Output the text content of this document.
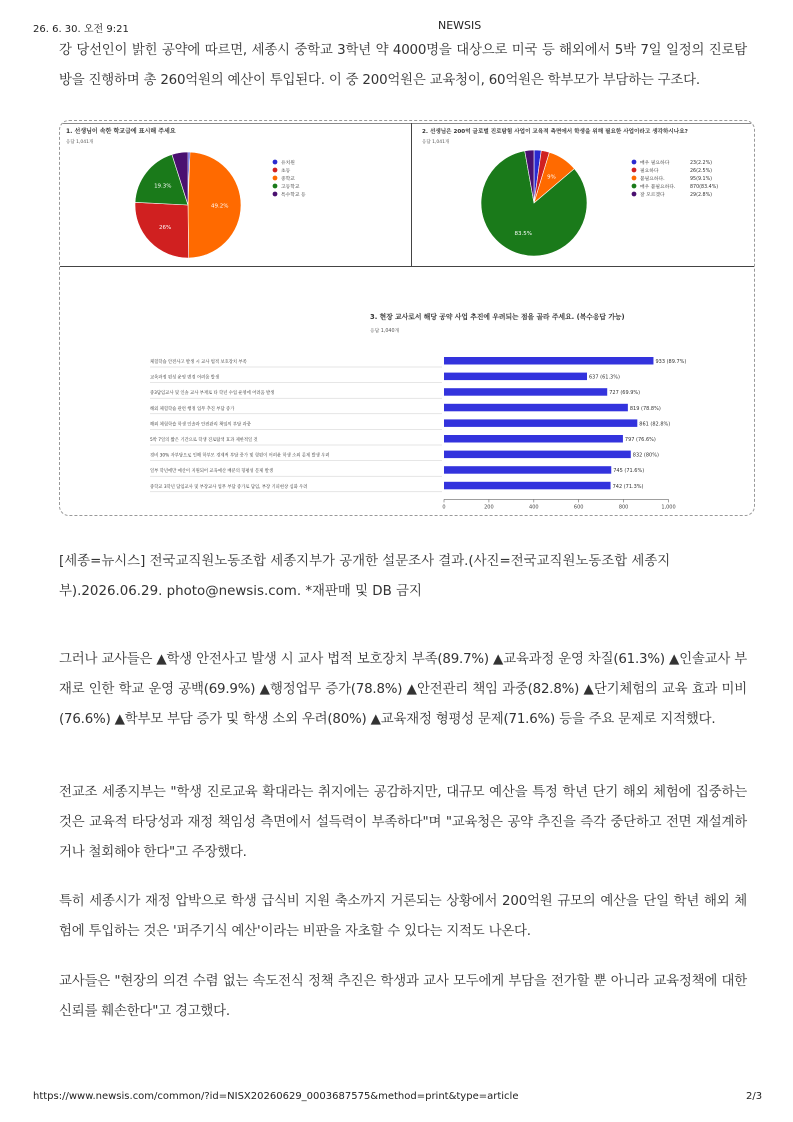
26. 6. 30. 오전 9:21	NEWSIS
강 당선인이 밝힌 공약에 따르면, 세종시 중학교 3학년 약 4000명을 대상으로 미국 등 해외에서 5박 7일 일정의 진로탐방을 진행하며 총 260억원의 예산이 투입된다. 이 중 200억원은 교육청이, 60억원은 학부모가 부담하는 구조다.
1. 선생님이 속한 학교급에 표시해 주세요
응답 1,041개
49.2%
26%
19.3%
유치원
초등
중학교
고등학교
특수학교 등
2. 선생님은 200억 글로벌 진로탐험 사업이 교육적 측면에서 학생을 위해 필요한 사업이라고 생각하시나요?
응답 1,041개
9%
83.5%
매우 필요하다	23(2.2%)
필요하다	26(2.5%)
불필요하다.	95(9.1%)
매우 불필요하다.	870(83.4%)
잘 모르겠다	29(2.8%)
3. 현장 교사로서 해당 공약 사업 추진에 우려되는 점을 골라 주세요. (복수응답 가능)
응답 1,040개
체험학습 안전사고 발생 시 교사 법적 보호장치 부족	933 (89.7%)
교육과정 편성 운영 변경 어려움 발생	637 (61.3%)
중3담임교사 및 인솔 교사 부재로 타 학년 수업 운영에 어려움 발생	727 (69.9%)
해외 체험학습 관련 행정 업무 추진 부담 증가	819 (78.8%)
해외 체험학습 학생 인솔과 안전관리 책임의 부담 과중	861 (82.8%)
5박 7일의 짧은 기간으로 학생 진로탐색 효과 제한적일 것	797 (76.6%)
경비 30% 자부담으로 인해 학부모 경제적 부담 증가 및 형편이 어려운 학생 소외 문제 발생 우려	832 (80%)
일부 학년에만 예산이 지원되어 교육예산 배분의 형평성 문제 발생	745 (71.6%)
중학교 3학년 담임교사 및 부장교사 업무 부담 증가로 담임, 부장 기피현상 심화 우려	742 (71.3%)
0	200	400	600	800	1,000
[세종=뉴시스] 전국교직원노동조합 세종지부가 공개한 설문조사 결과.(사진=전국교직원노동조합 세종지부).2026.06.29. photo@newsis.com. *재판매 및 DB 금지
그러나 교사들은 ▲학생 안전사고 발생 시 교사 법적 보호장치 부족(89.7%) ▲교육과정 운영 차질(61.3%) ▲인솔교사 부재로 인한 학교 운영 공백(69.9%) ▲행정업무 증가(78.8%) ▲안전관리 책임 과중(82.8%) ▲단기체험의 교육 효과 미비(76.6%) ▲학부모 부담 증가 및 학생 소외 우려(80%) ▲교육재정 형평성 문제(71.6%) 등을 주요 문제로 지적했다.
전교조 세종지부는 "학생 진로교육 확대라는 취지에는 공감하지만, 대규모 예산을 특정 학년 단기 해외 체험에 집중하는 것은 교육적 타당성과 재정 책임성 측면에서 설득력이 부족하다"며 "교육청은 공약 추진을 즉각 중단하고 전면 재설계하거나 철회해야 한다"고 주장했다.
특히 세종시가 재정 압박으로 학생 급식비 지원 축소까지 거론되는 상황에서 200억원 규모의 예산을 단일 학년 해외 체험에 투입하는 것은 '퍼주기식 예산'이라는 비판을 자초할 수 있다는 지적도 나온다.
교사들은 "현장의 의견 수렴 없는 속도전식 정책 추진은 학생과 교사 모두에게 부담을 전가할 뿐 아니라 교육정책에 대한 신뢰를 훼손한다"고 경고했다.
https://www.newsis.com/common/?id=NISX20260629_0003687575&method=print&type=article	2/3
